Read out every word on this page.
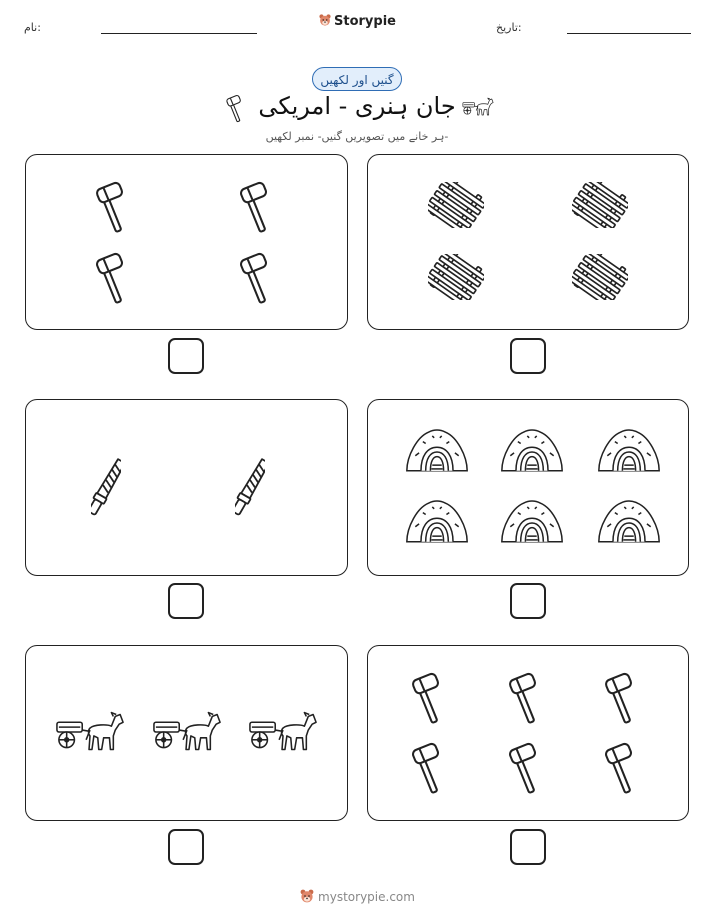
نام:	Storypie	تاریخ:
گنیں اور لکھیں
جان ہنری - امریکی
ہر خانے میں تصویریں گنیں- نمبر لکھیں-
mystorypie.com
